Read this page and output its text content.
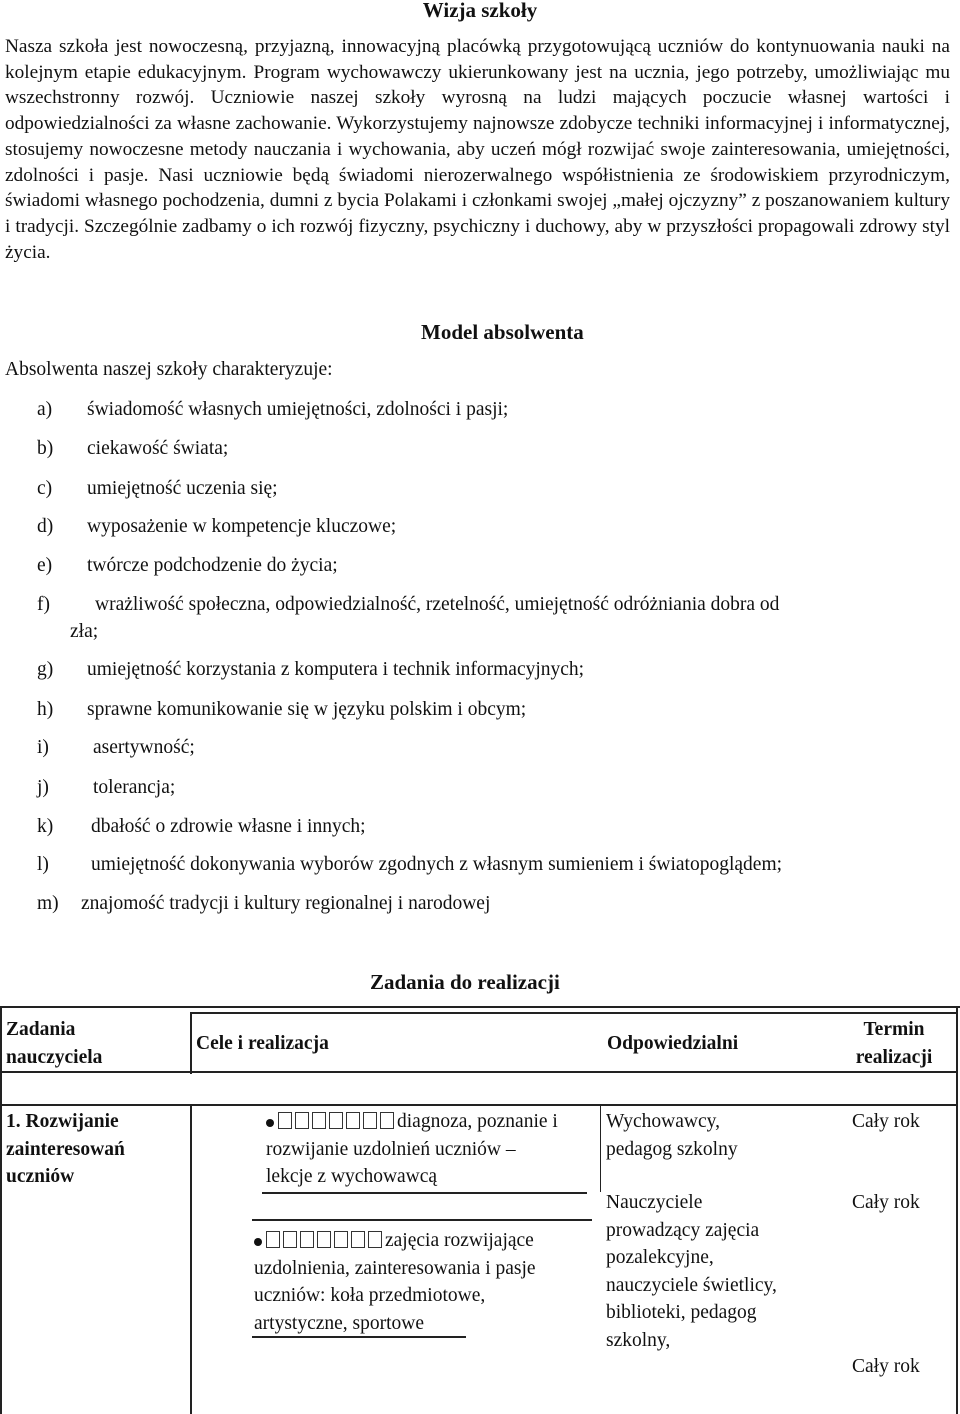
Wizja szkoły
Nasza szkoła jest nowoczesną, przyjazną, innowacyjną placówką przygotowującą uczniów do kontynuowania nauki na kolejnym etapie edukacyjnym. Program wychowawczy ukierunkowany jest na ucznia, jego potrzeby, umożliwiając mu wszechstronny rozwój. Uczniowie naszej szkoły wyrosną na ludzi mających poczucie własnej wartości i odpowiedzialności za własne zachowanie. Wykorzystujemy najnowsze zdobycze techniki informacyjnej i informatycznej, stosujemy nowoczesne metody nauczania i wychowania, aby uczeń mógł rozwijać swoje zainteresowania, umiejętności, zdolności i pasje. Nasi uczniowie będą świadomi nierozerwalnego współistnienia ze środowiskiem przyrodniczym, świadomi własnego pochodzenia, dumni z bycia Polakami i członkami swojej „małej ojczyzny” z poszanowaniem kultury i tradycji. Szczególnie zadbamy o ich rozwój fizyczny, psychiczny i duchowy, aby w przyszłości propagowali zdrowy styl życia.
Model absolwenta
Absolwenta naszej szkoły charakteryzuje:
a) świadomość własnych umiejętności, zdolności i pasji;
b) ciekawość świata;
c) umiejętność uczenia się;
d) wyposażenie w kompetencje kluczowe;
e) twórcze podchodzenie do życia;
f) wrażliwość społeczna, odpowiedzialność, rzetelność, umiejętność odróżniania dobra od
zła;
g) umiejętność korzystania z komputera i technik informacyjnych;
h) sprawne komunikowanie się w języku polskim i obcym;
i) asertywność;
j) tolerancja;
k) dbałość o zdrowie własne i innych;
l) umiejętność dokonywania wyborów zgodnych z własnym sumieniem i światopoglądem;
m) znajomość tradycji i kultury regionalnej i narodowej
Zadania do realizacji
Zadania
nauczyciela
Cele i realizacja	Odpowiedzialni
Termin
realizacji
1. Rozwijanie
zainteresowań
uczniów
diagnoza, poznanie i
rozwijanie uzdolnień uczniów –
lekcje z wychowawcą
zajęcia rozwijające
uzdolnienia, zainteresowania i pasje
uczniów: koła przedmiotowe,
artystyczne, sportowe
Wychowawcy,
pedagog szkolny
Nauczyciele
prowadzący zajęcia
pozalekcyjne,
nauczyciele świetlicy,
biblioteki, pedagog
szkolny,
Cały rok
Cały rok
Cały rok
